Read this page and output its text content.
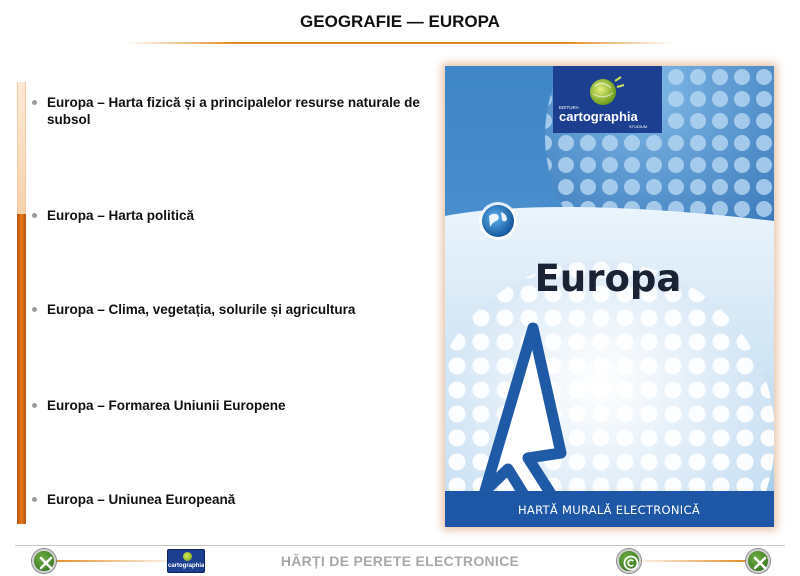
GEOGRAFIE — EUROPA
Europa – Harta fizică și a principalelor resurse naturale de subsol
Europa – Harta politică
Europa – Clima, vegetația, solurile și agricultura
Europa – Formarea Uniunii Europene
Europa – Uniunea Europeană
EDITURA
cartographia
STUDIUM
Europa
HARTĂ MURALĂ ELECTRONICĂ
cartographia	HĂRȚI DE PERETE ELECTRONICE
